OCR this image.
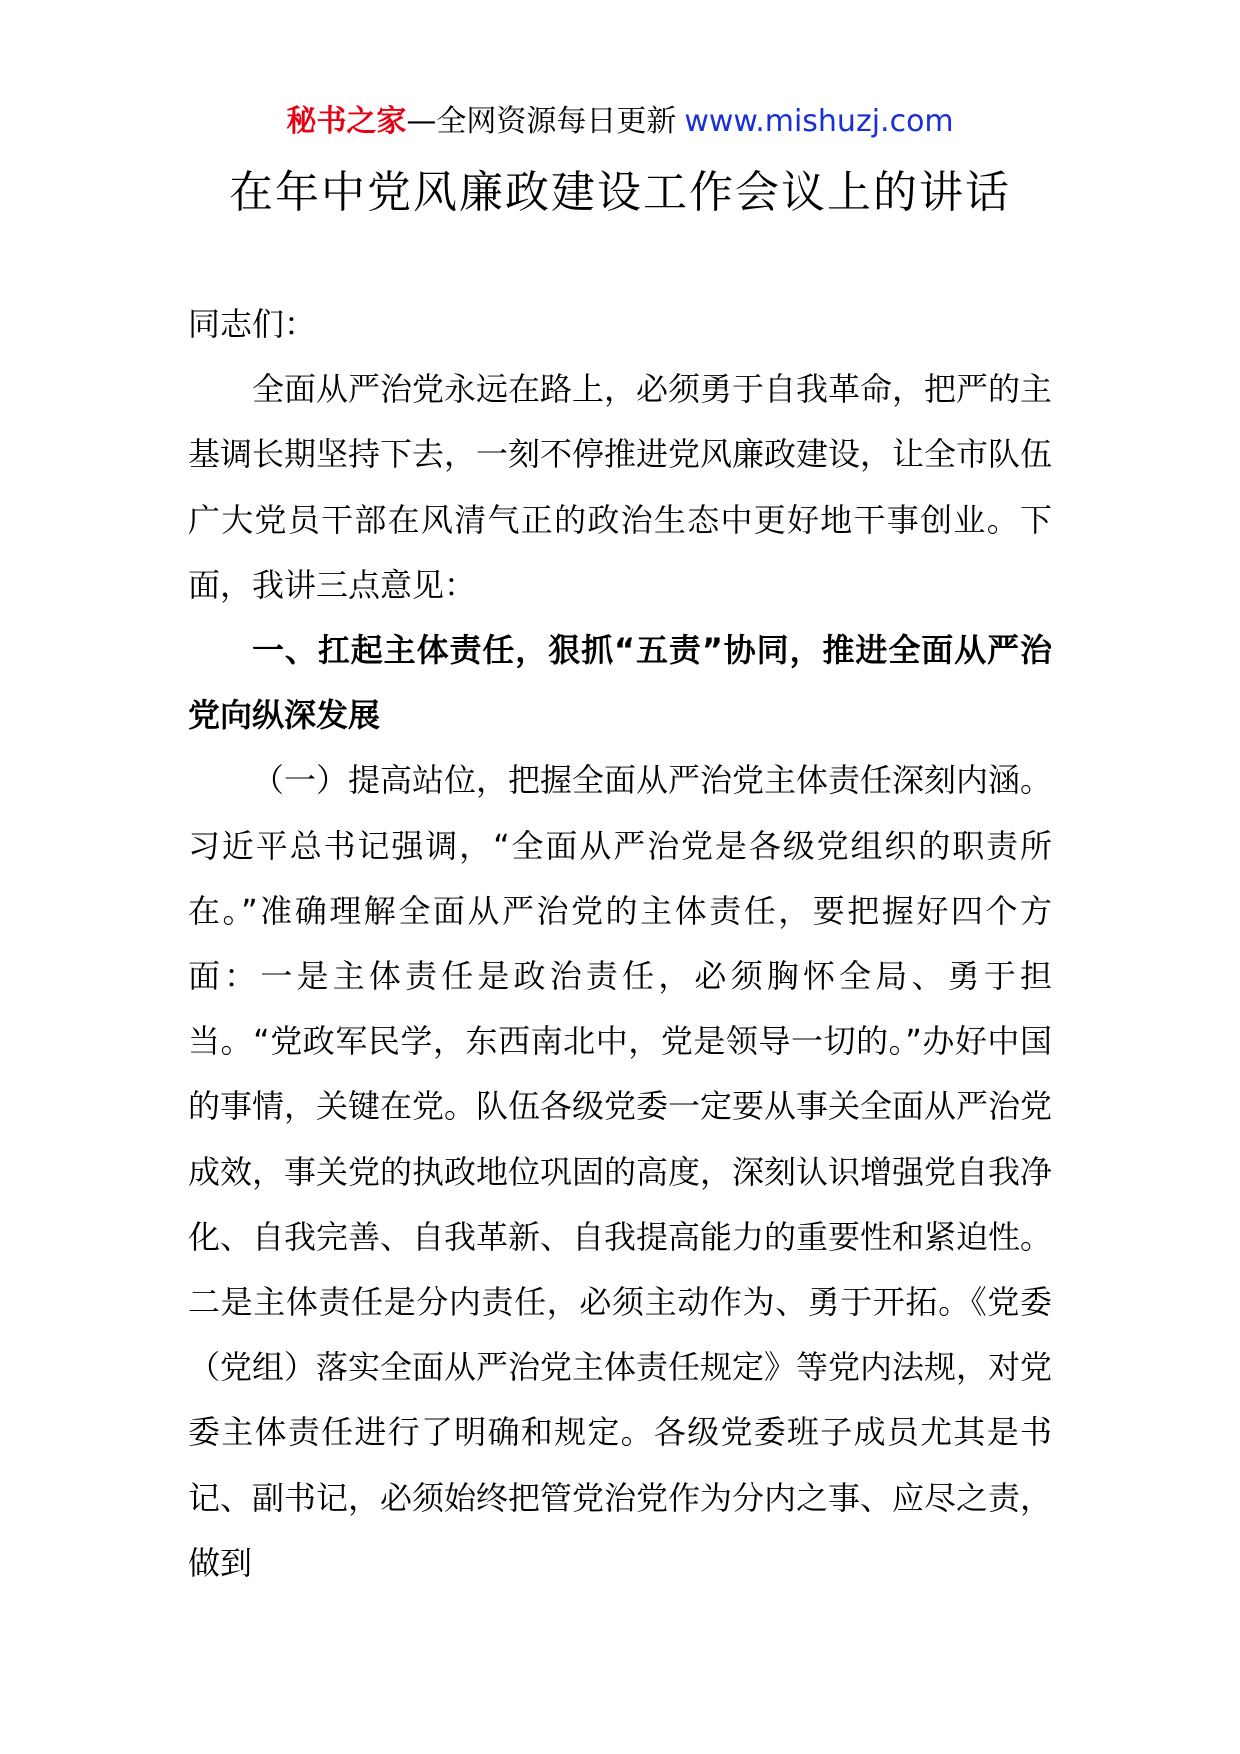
秘书之家—全网资源每日更新 www.mishuzj.com
在年中党风廉政建设工作会议上的讲话

同志们：

全面从严治党永远在路上，必须勇于自我革命，把严的主基调长期坚持下去，一刻不停推进党风廉政建设，让全市队伍广大党员干部在风清气正的政治生态中更好地干事创业。下面，我讲三点意见：

一、扛起主体责任，狠抓“五责”协同，推进全面从严治党向纵深发展

（一）提高站位，把握全面从严治党主体责任深刻内涵。习近平总书记强调，“全面从严治党是各级党组织的职责所在。”准确理解全面从严治党的主体责任，要把握好四个方面：一是主体责任是政治责任，必须胸怀全局、勇于担当。“党政军民学，东西南北中，党是领导一切的。”办好中国的事情，关键在党。队伍各级党委一定要从事关全面从严治党成效，事关党的执政地位巩固的高度，深刻认识增强党自我净化、自我完善、自我革新、自我提高能力的重要性和紧迫性。二是主体责任是分内责任，必须主动作为、勇于开拓。《党委（党组）落实全面从严治党主体责任规定》等党内法规，对党委主体责任进行了明确和规定。各级党委班子成员尤其是书记、副书记，必须始终把管党治党作为分内之事、应尽之责，做到
